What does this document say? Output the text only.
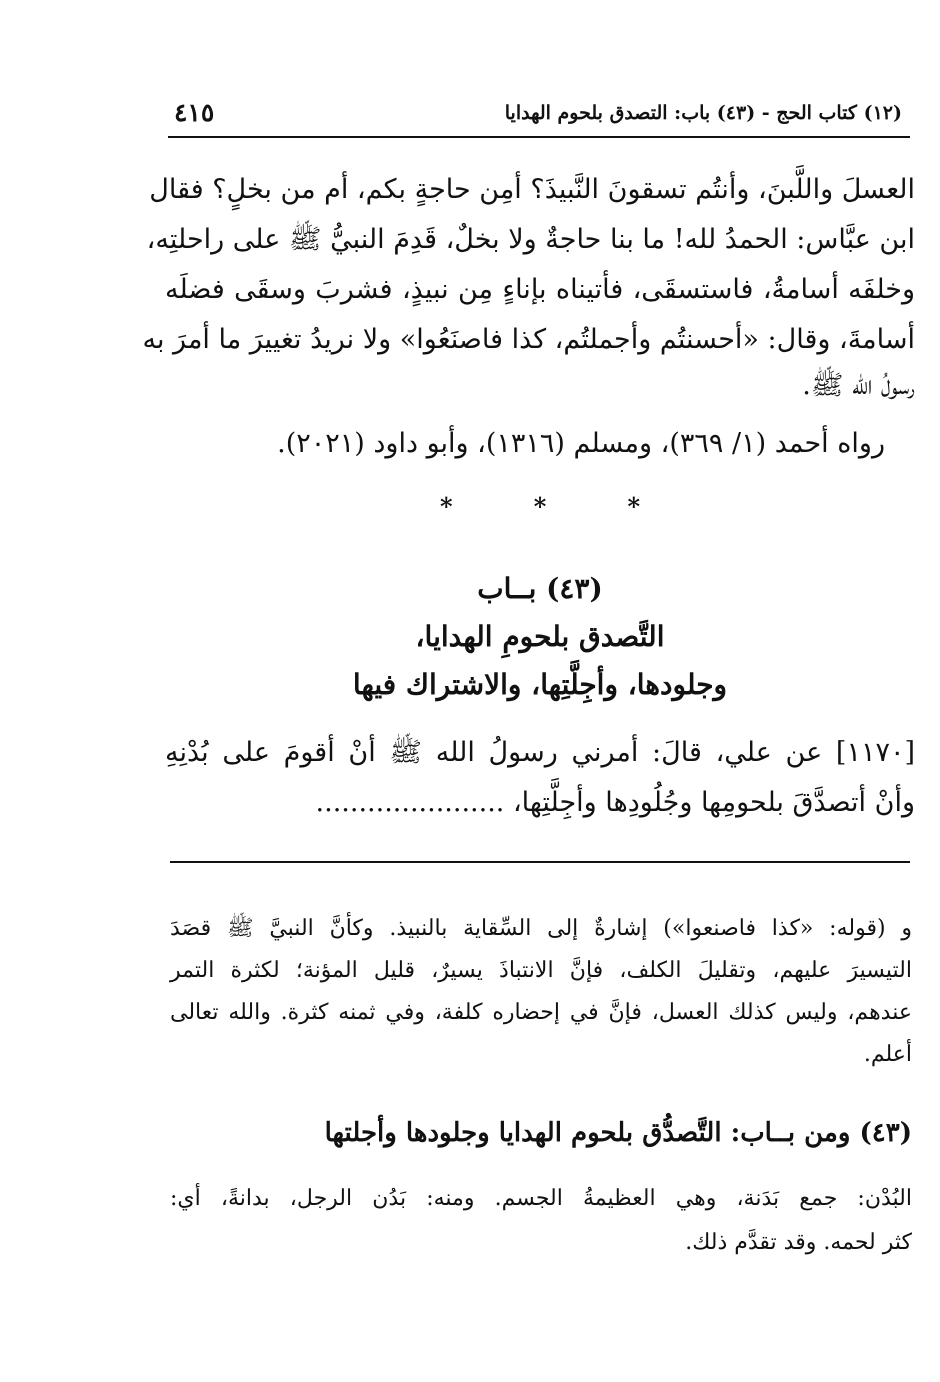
٤١٥	(١٢) كتاب الحج - (٤٣) باب: التصدق بلحوم الهدايا
العسلَ واللَّبنَ، وأنتُم تسقونَ النَّبيذَ؟ أمِن حاجةٍ بكم، أم من بخلٍ؟ فقال
ابن عبَّاس: الحمدُ لله! ما بنا حاجةٌ ولا بخلٌ، قَدِمَ النبيُّ ﷺ على راحلتِه،
وخلفَه أسامةُ، فاستسقَى، فأتيناه بإناءٍ مِن نبيذٍ، فشربَ وسقَى فضلَه
أسامةَ، وقال: «أحسنتُم وأجملتُم، كذا فاصنَعُوا» ولا نريدُ تغييرَ ما أمرَ به
رسولُ الله ﷺ.
رواه أحمد (١/ ٣٦٩)، ومسلم (١٣١٦)، وأبو داود (٢٠٢١).
*	*	*
(٤٣) بــاب
التَّصدق بلحومِ الهدايا،
وجلودها، وأجِلَّتِها، والاشتراك فيها
[١١٧٠] عن علي، قالَ: أمرني رسولُ الله ﷺ أنْ أقومَ على بُدْنِهِ
وأنْ أتصدَّقَ بلحومِها وجُلُودِها وأجِلَّتِها، ......................
و (قوله: «كذا فاصنعوا») إشارةٌ إلى السِّقاية بالنبيذ. وكأنَّ النبيَّ ﷺ قصَدَ
التيسيرَ عليهم، وتقليلَ الكلف، فإنَّ الانتباذَ يسيرٌ، قليل المؤنة؛ لكثرة التمر
عندهم، وليس كذلك العسل، فإنَّ في إحضاره كلفة، وفي ثمنه كثرة. والله تعالى
أعلم.
(٤٣) ومن بــاب: التَّصدُّق بلحوم الهدايا وجلودها وأجلتها
البُدْن: جمع بَدَنة، وهي العظيمةُ الجسم. ومنه: بَدُن الرجل، بدانةً، أي:
كثر لحمه. وقد تقدَّم ذلك.
